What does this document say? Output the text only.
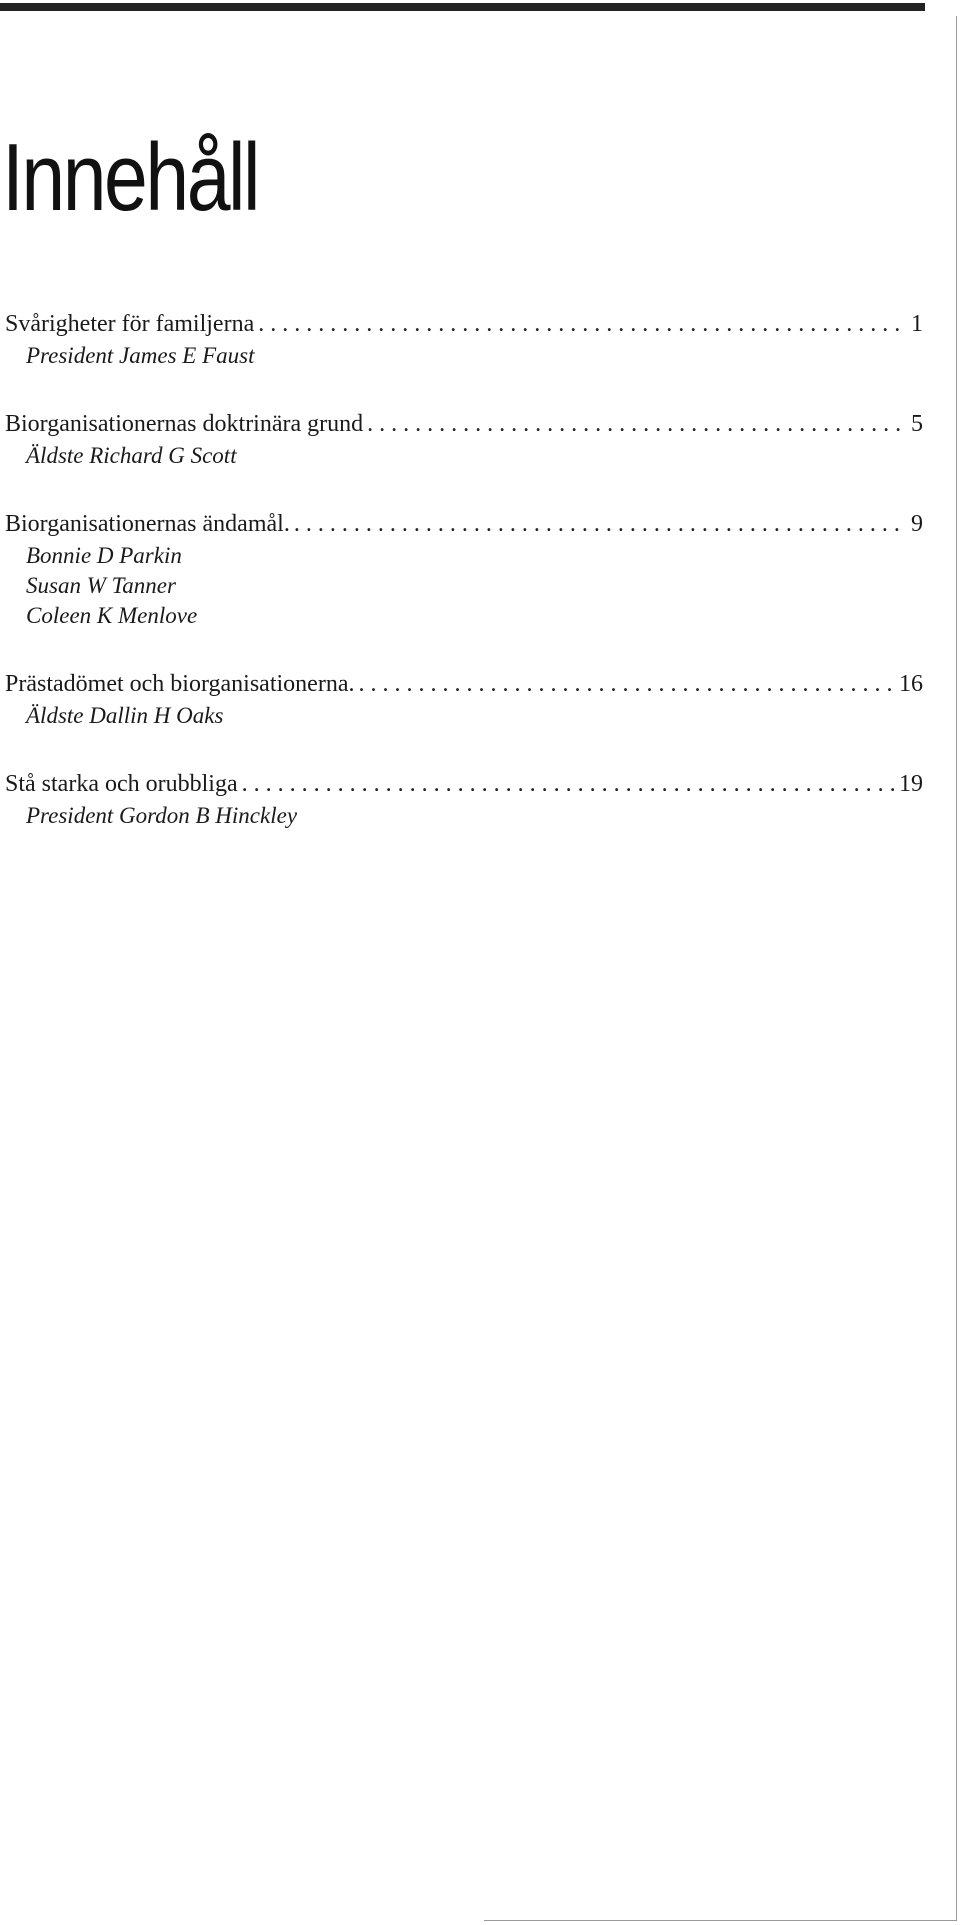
Innehåll
Svårigheter för familjerna . . .	1
President James E Faust
Biorganisationernas doktrinära grund . . .	5
Äldste Richard G Scott
Biorganisationernas ändamål. . . .	9
Bonnie D Parkin
Susan W Tanner
Coleen K Menlove
Prästadömet och biorganisationerna. . . .	16
Äldste Dallin H Oaks
Stå starka och orubbliga . . .	19
President Gordon B Hinckley
